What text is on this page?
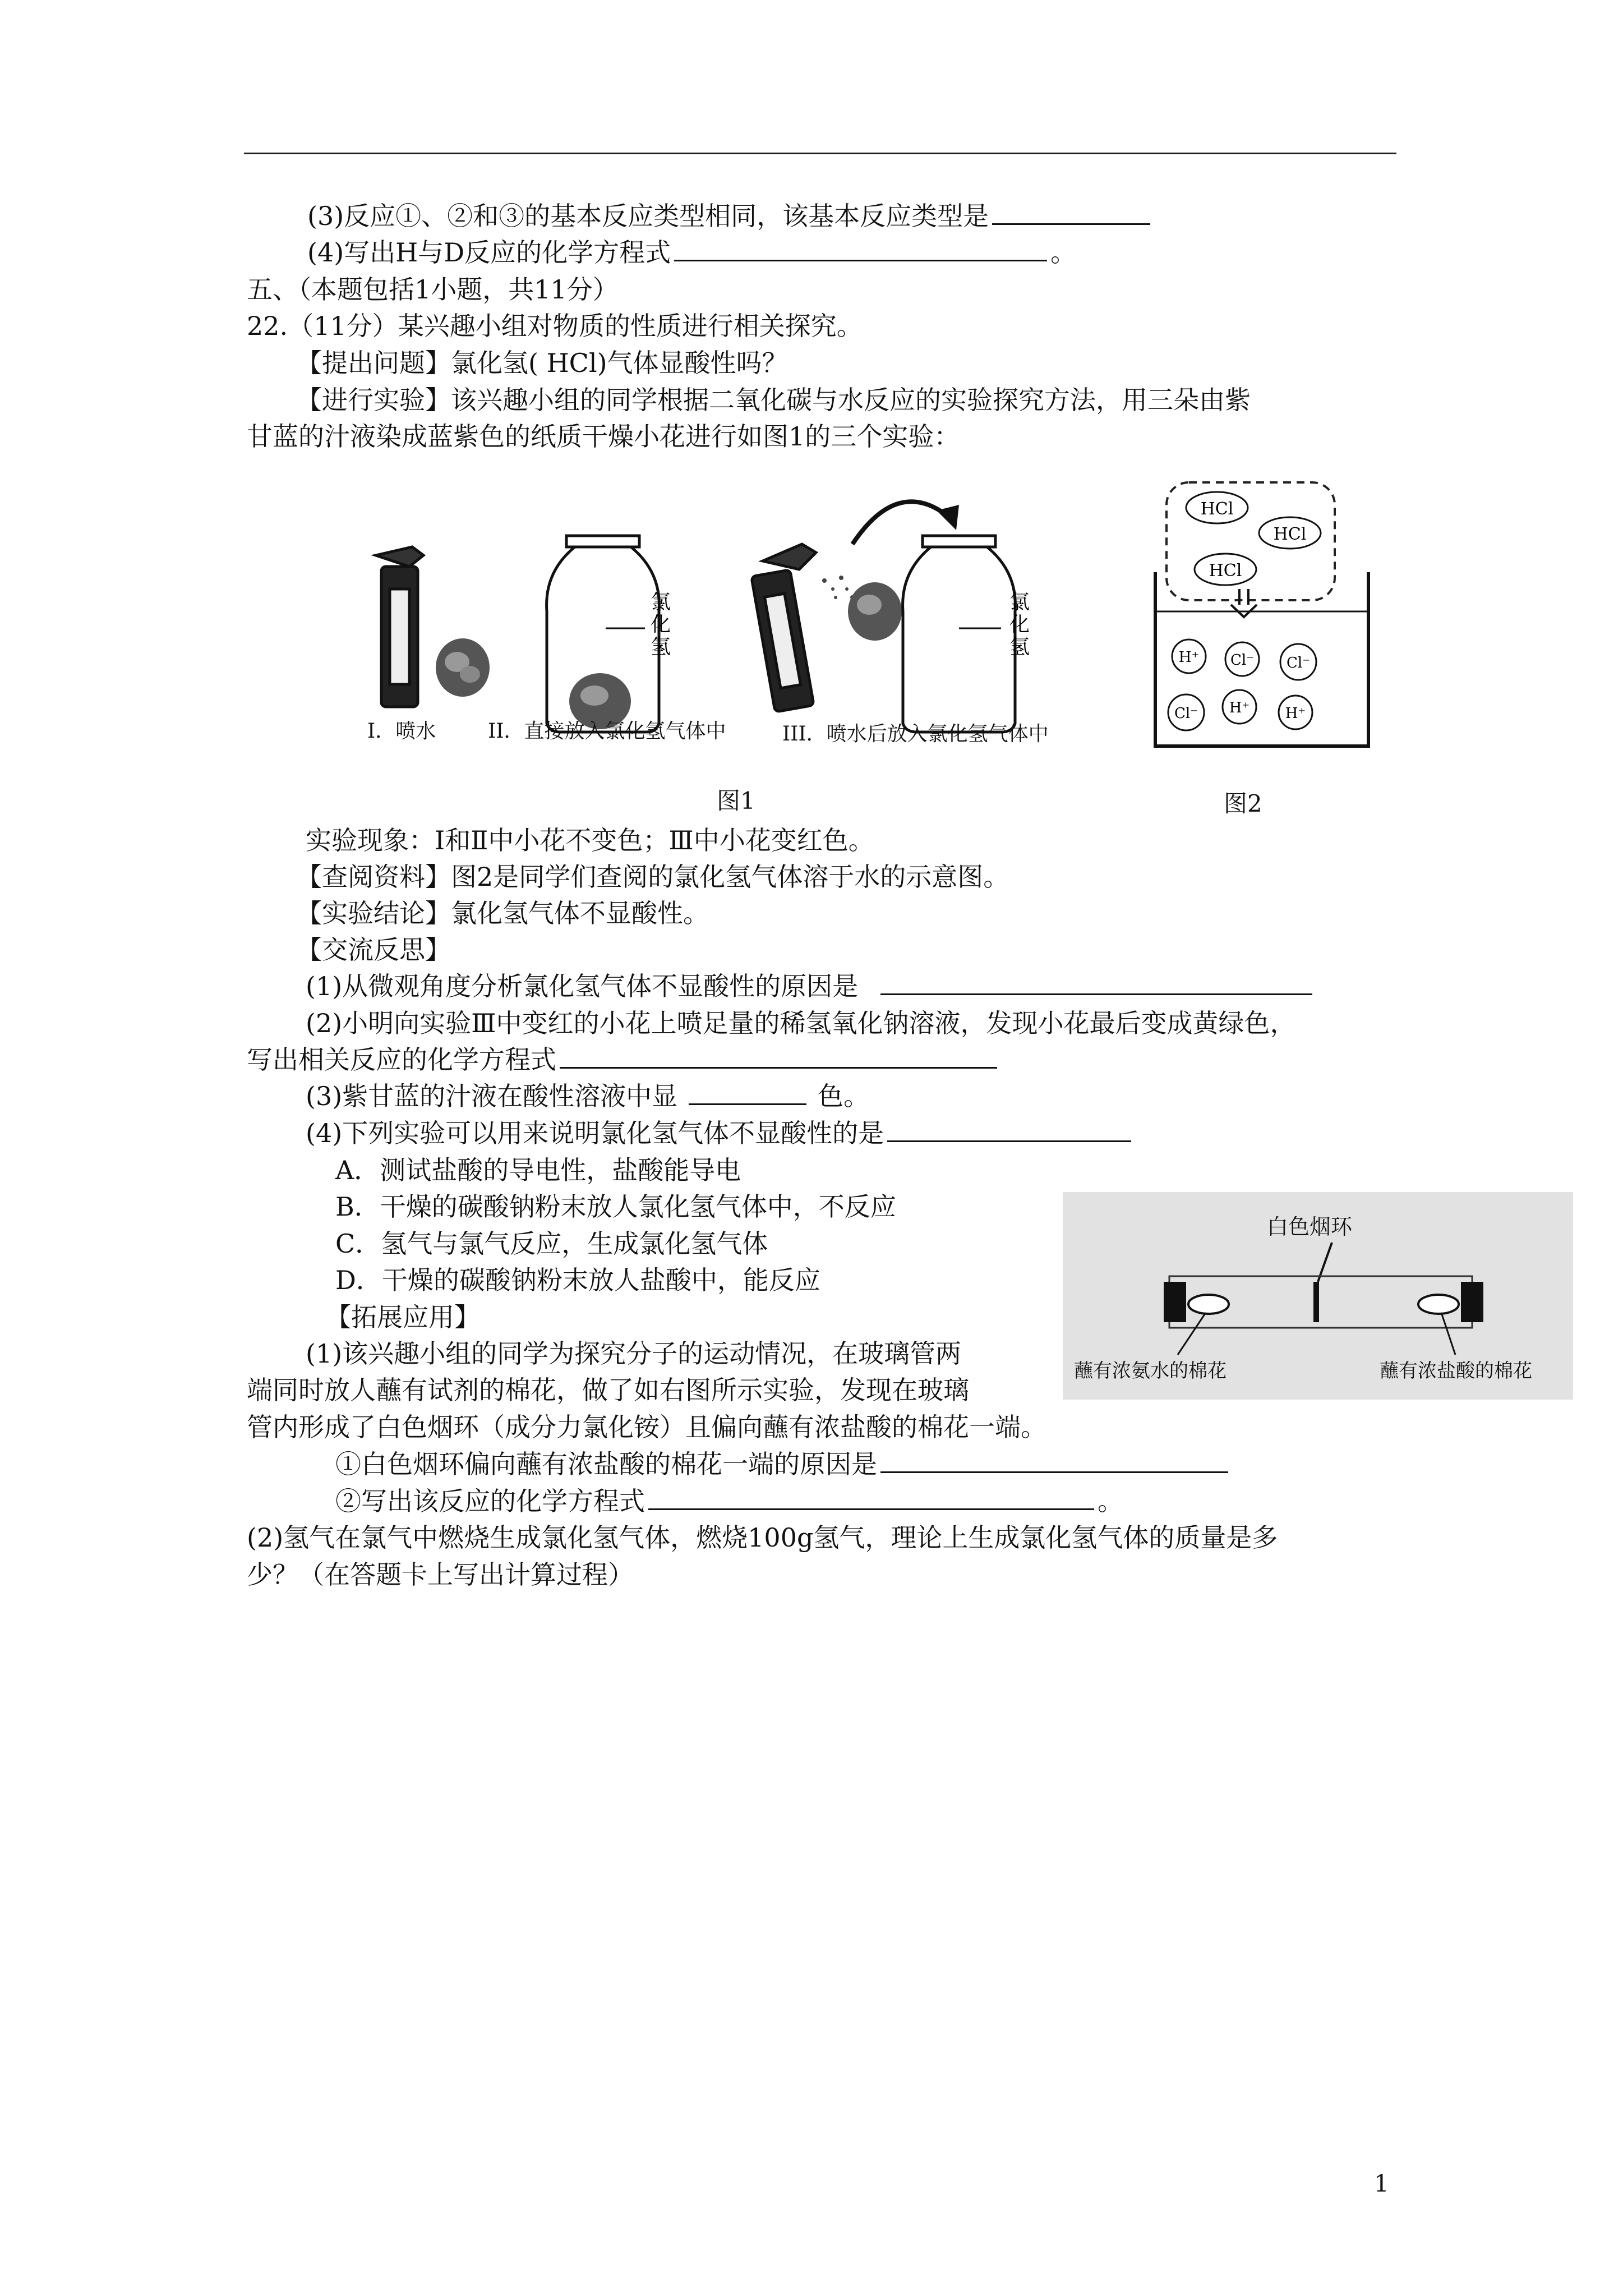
(3)反应①、②和③的基本反应类型相同，该基本反应类型是
(4)写出H与D反应的化学方程式	。
五、（本题包括1小题，共11分）
22.（11分）某兴趣小组对物质的性质进行相关探究。
【提出问题】氯化氢( HCl)气体显酸性吗？
【进行实验】该兴趣小组的同学根据二氧化碳与水反应的实验探究方法，用三朵由紫
甘蓝的汁液染成蓝紫色的纸质干燥小花进行如图1的三个实验：
氯
化
氢
氯
化
氢
I．喷水	II．直接放入氯化氢气体中	III．喷水后放入氯化氢气体中
图1
HCl
HCl
HCl
H⁺ Cl⁻ Cl⁻
Cl⁻ H⁺ H⁺
图2
实验现象：Ⅰ和Ⅱ中小花不变色；Ⅲ中小花变红色。
【查阅资料】图2是同学们查阅的氯化氢气体溶于水的示意图。
【实验结论】氯化氢气体不显酸性。
【交流反思】
(1)从微观角度分析氯化氢气体不显酸性的原因是
(2)小明向实验Ⅲ中变红的小花上喷足量的稀氢氧化钠溶液，发现小花最后变成黄绿色，
写出相关反应的化学方程式
(3)紫甘蓝的汁液在酸性溶液中显	色。
(4)下列实验可以用来说明氯化氢气体不显酸性的是
A．测试盐酸的导电性，盐酸能导电
B．干燥的碳酸钠粉末放人氯化氢气体中，不反应
C．氢气与氯气反应，生成氯化氢气体
D．干燥的碳酸钠粉末放人盐酸中，能反应
【拓展应用】
(1)该兴趣小组的同学为探究分子的运动情况，在玻璃管两
端同时放人蘸有试剂的棉花，做了如右图所示实验，发现在玻璃
管内形成了白色烟环（成分力氯化铵）且偏向蘸有浓盐酸的棉花一端。
白色烟环
蘸有浓氨水的棉花	蘸有浓盐酸的棉花
①白色烟环偏向蘸有浓盐酸的棉花一端的原因是
②写出该反应的化学方程式	。
(2)氢气在氯气中燃烧生成氯化氢气体，燃烧100g氢气，理论上生成氯化氢气体的质量是多
少？（在答题卡上写出计算过程）
1
